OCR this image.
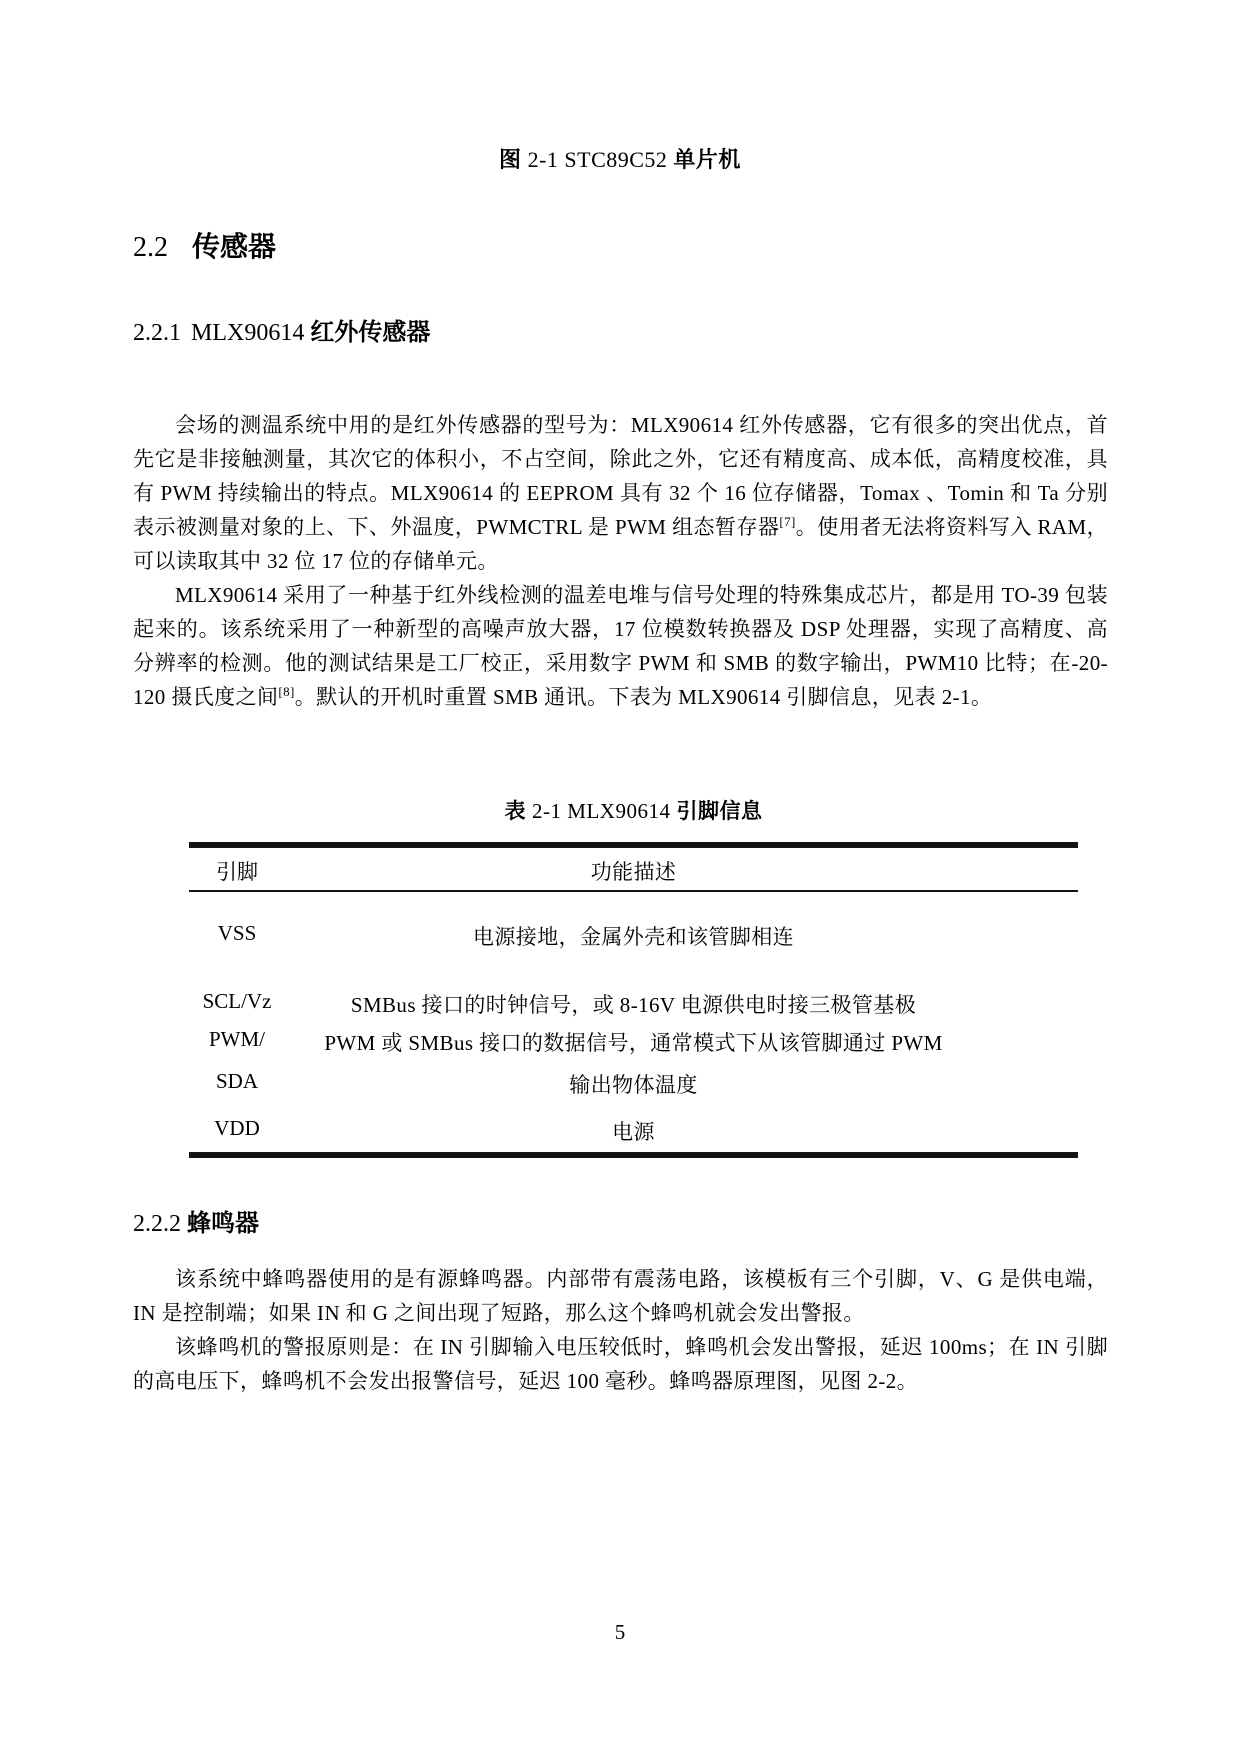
图 2-1 STC89C52 单片机
2.2 传感器
2.2.1 MLX90614 红外传感器

会场的测温系统中用的是红外传感器的型号为：MLX90614 红外传感器，它有很多的突出优点，首先它是非接触测量，其次它的体积小，不占空间，除此之外，它还有精度高、成本低，高精度校准，具有 PWM 持续输出的特点。MLX90614 的 EEPROM 具有 32 个 16 位存储器，Tomax 、Tomin 和 Ta 分别表示被测量对象的上、下、外温度，PWMCTRL 是 PWM 组态暂存器[7]。使用者无法将资料写入 RAM，可以读取其中 32 位 17 位的存储单元。

MLX90614 采用了一种基于红外线检测的温差电堆与信号处理的特殊集成芯片，都是用 TO-39 包装起来的。该系统采用了一种新型的高噪声放大器，17 位模数转换器及 DSP 处理器，实现了高精度、高分辨率的检测。他的测试结果是工厂校正，采用数字 PWM 和 SMB 的数字输出，PWM10 比特；在-20-120 摄氏度之间[8]。默认的开机时重置 SMB 通讯。下表为 MLX90614 引脚信息，见表 2-1。

表 2-1 MLX90614 引脚信息
引脚	功能描述
VSS	电源接地，金属外壳和该管脚相连
SCL/Vz	SMBus 接口的时钟信号，或 8-16V 电源供电时接三极管基极
PWM/	PWM 或 SMBus 接口的数据信号，通常模式下从该管脚通过 PWM
SDA	输出物体温度
VDD	电源
2.2.2 蜂鸣器

该系统中蜂鸣器使用的是有源蜂鸣器。内部带有震荡电路，该模板有三个引脚，V、G 是供电端，IN 是控制端；如果 IN 和 G 之间出现了短路，那么这个蜂鸣机就会发出警报。

该蜂鸣机的警报原则是：在 IN 引脚输入电压较低时，蜂鸣机会发出警报，延迟 100ms；在 IN 引脚的高电压下，蜂鸣机不会发出报警信号，延迟 100 毫秒。蜂鸣器原理图，见图 2-2。

5
